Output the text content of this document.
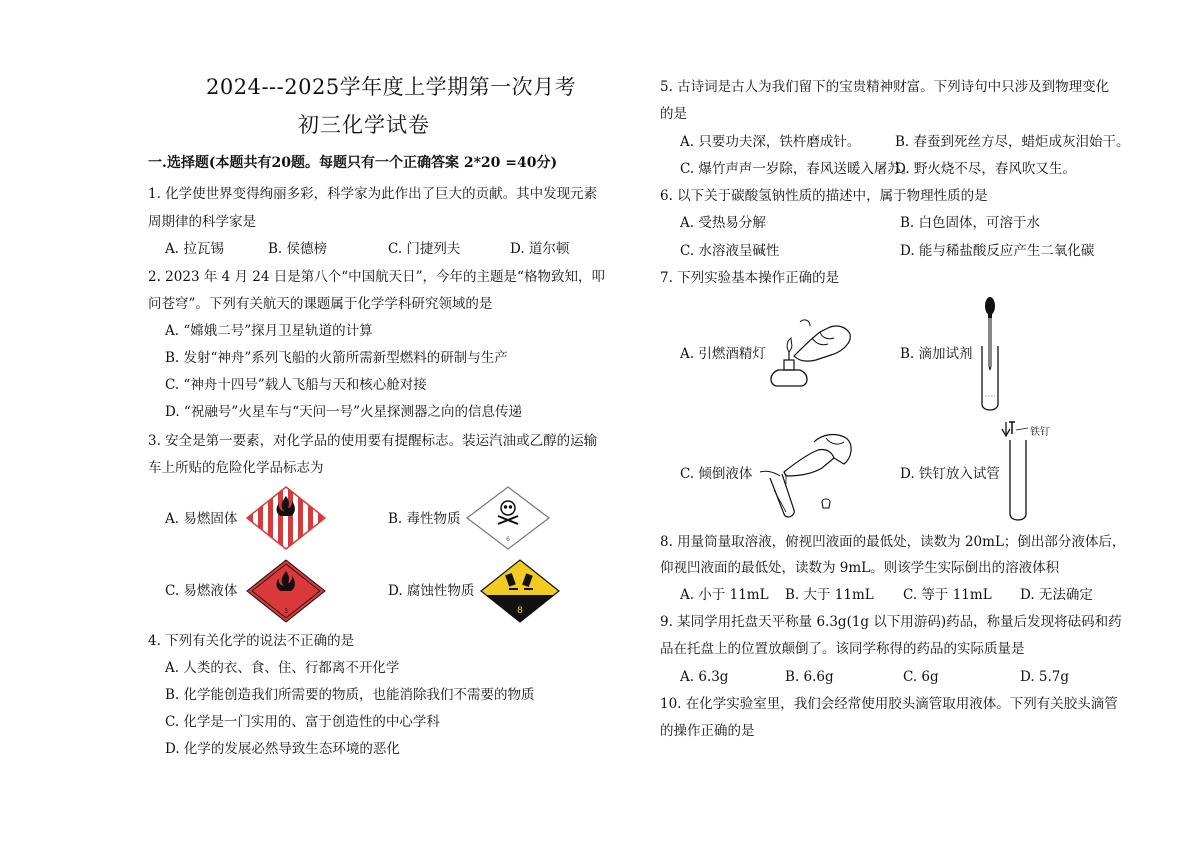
2024---2025学年度上学期第一次月考
初三化学试卷
一.选择题(本题共有20题。每题只有一个正确答案 2*20 =40分)
1. 化学使世界变得绚丽多彩，科学家为此作出了巨大的贡献。其中发现元素
周期律的科学家是
A. 拉瓦锡	B. 侯德榜	C. 门捷列夫	D. 道尔顿
2. 2023 年 4 月 24 日是第八个“中国航天日”，今年的主题是“格物致知，叩
问苍穹”。下列有关航天的课题属于化学学科研究领域的是
A. “嫦娥二号”探月卫星轨道的计算
B. 发射“神舟”系列飞船的火箭所需新型燃料的研制与生产
C. “神舟十四号”载人飞船与天和核心舱对接
D. “祝融号”火星车与“天问一号”火星探测器之向的信息传递
3. 安全是第一要素，对化学品的使用要有提醒标志。装运汽油或乙醇的运输
车上所贴的危险化学品标志为
A. 易燃固体	B. 毒性物质
6
C. 易燃液体
3
D. 腐蚀性物质
8
4. 下列有关化学的说法不正确的是
A. 人类的衣、食、住、行都离不开化学
B. 化学能创造我们所需要的物质，也能消除我们不需要的物质
C. 化学是一门实用的、富于创造性的中心学科
D. 化学的发展必然导致生态环境的恶化
5. 古诗词是古人为我们留下的宝贵精神财富。下列诗句中只涉及到物理变化
的是
A. 只要功夫深，铁杵磨成针。	B. 春蚕到死丝方尽，蜡炬成灰泪始干。
C. 爆竹声声一岁除，春风送暖入屠苏。
D. 野火烧不尽，春风吹又生。
6. 以下关于碳酸氢钠性质的描述中，属于物理性质的是
A. 受热易分解	B. 白色固体，可溶于水
C. 水溶液呈碱性	D. 能与稀盐酸反应产生二氧化碳
7. 下列实验基本操作正确的是
A. 引燃酒精灯	B. 滴加试剂
C. 倾倒液体	D. 铁钉放入试管
铁钉
8. 用量筒量取溶液，俯视凹液面的最低处，读数为 20mL；倒出部分液体后，
仰视凹液面的最低处，读数为 9mL。则该学生实际倒出的溶液体积
A. 小于 11mL B. 大于 11mL C. 等于 11mL D. 无法确定
9. 某同学用托盘天平称量 6.3g(1g 以下用游码)药品，称量后发现将砝码和药
品在托盘上的位置放颠倒了。该同学称得的药品的实际质量是
A. 6.3g	B. 6.6g	C. 6g	D. 5.7g
10. 在化学实验室里，我们会经常使用胶头滴管取用液体。下列有关胶头滴管
的操作正确的是
